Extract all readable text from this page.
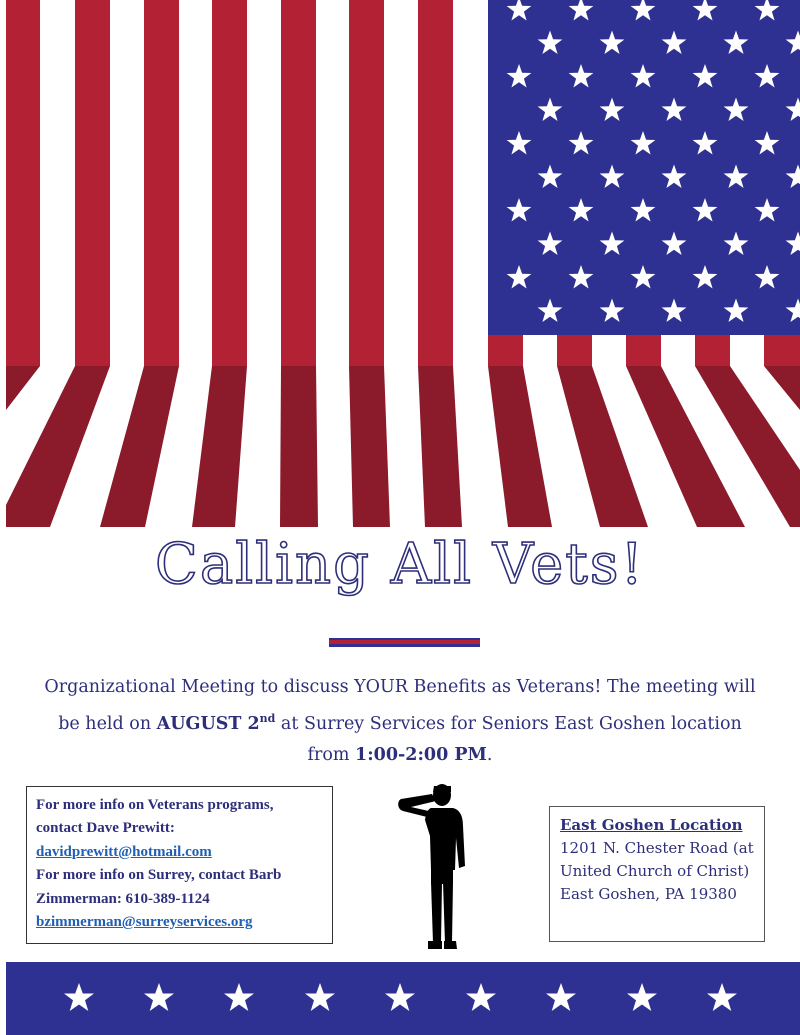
Calling All Vets!
Organizational Meeting to discuss YOUR Benefits as Veterans! The meeting will be held on AUGUST 2nd at Surrey Services for Seniors East Goshen location from 1:00-2:00 PM.
For more info on Veterans programs, contact Dave Prewitt:
davidprewitt@hotmail.com
For more info on Surrey, contact Barb Zimmerman: 610-389-1124
bzimmerman@surreyservices.org
East Goshen Location
1201 N. Chester Road (at United Church of Christ) East Goshen, PA 19380
